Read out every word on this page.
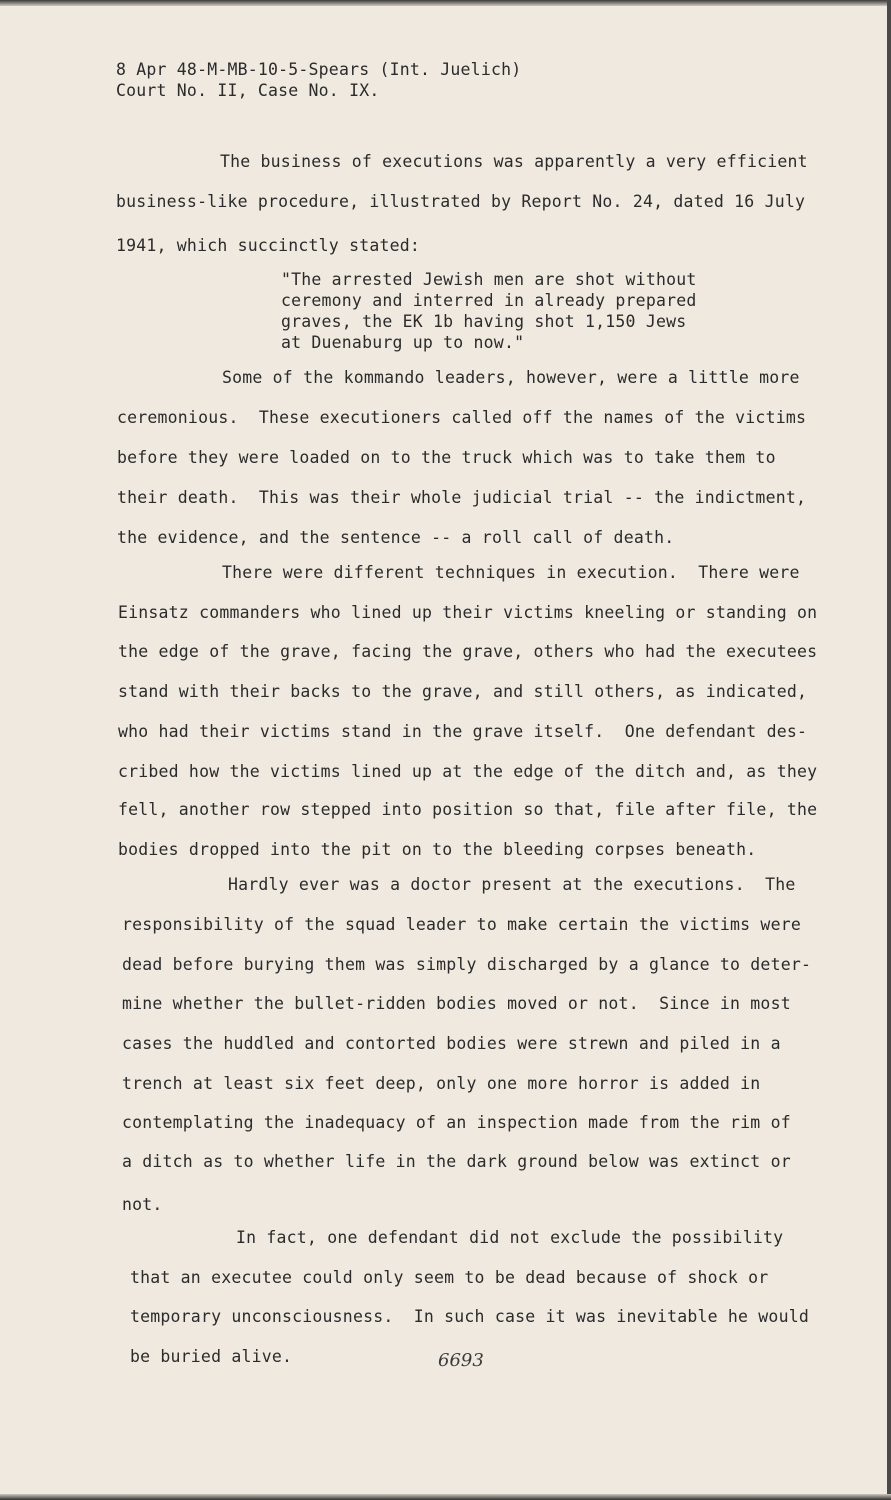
8 Apr 48-M-MB-10-5-Spears (Int. Juelich)
Court No. II, Case No. IX.
The business of executions was apparently a very efficient
business-like procedure, illustrated by Report No. 24, dated 16 July
1941, which succinctly stated:
"The arrested Jewish men are shot without
ceremony and interred in already prepared
graves, the EK 1b having shot 1,150 Jews
at Duenaburg up to now."
Some of the kommando leaders, however, were a little more
ceremonious.  These executioners called off the names of the victims
before they were loaded on to the truck which was to take them to
their death.  This was their whole judicial trial -- the indictment,
the evidence, and the sentence -- a roll call of death.
There were different techniques in execution.  There were
Einsatz commanders who lined up their victims kneeling or standing on
the edge of the grave, facing the grave, others who had the executees
stand with their backs to the grave, and still others, as indicated,
who had their victims stand in the grave itself.  One defendant des-
cribed how the victims lined up at the edge of the ditch and, as they
fell, another row stepped into position so that, file after file, the
bodies dropped into the pit on to the bleeding corpses beneath.
Hardly ever was a doctor present at the executions.  The
responsibility of the squad leader to make certain the victims were
dead before burying them was simply discharged by a glance to deter-
mine whether the bullet-ridden bodies moved or not.  Since in most
cases the huddled and contorted bodies were strewn and piled in a
trench at least six feet deep, only one more horror is added in
contemplating the inadequacy of an inspection made from the rim of
a ditch as to whether life in the dark ground below was extinct or
not.
In fact, one defendant did not exclude the possibility
that an executee could only seem to be dead because of shock or
temporary unconsciousness.  In such case it was inevitable he would
be buried alive.	6693
